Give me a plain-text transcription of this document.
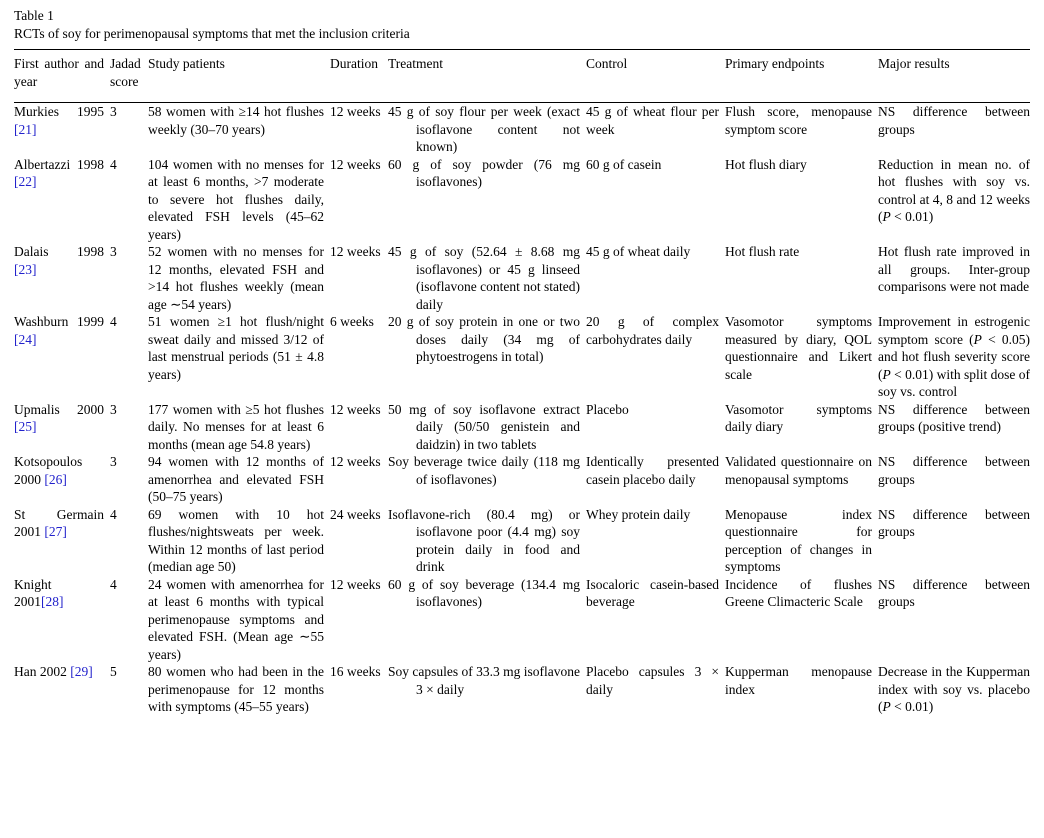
Table 1

RCTs of soy for perimenopausal symptoms that met the inclusion criteria

First author and year	Jadad score	Study patients	Duration	Treatment	Control	Primary endpoints	Major results
Murkies 1995 [21]	3	58 women with ≥14 hot flushes weekly (30–70 years)	12 weeks	45 g of soy flour per week (exact isoflavone content not known)	45 g of wheat flour per week	Flush score, menopause symptom score	NS difference between groups
Albertazzi 1998 [22]	4	104 women with no menses for at least 6 months, >7 moderate to severe hot flushes daily, elevated FSH levels (45–62 years)	12 weeks	60 g of soy powder (76 mg isoflavones)	60 g of casein	Hot flush diary	Reduction in mean no. of hot flushes with soy vs. control at 4, 8 and 12 weeks (P < 0.01)
Dalais 1998 [23]	3	52 women with no menses for 12 months, elevated FSH and >14 hot flushes weekly (mean age ∼54 years)	12 weeks	45 g of soy (52.64 ± 8.68 mg isoflavones) or 45 g linseed (isoflavone content not stated) daily	45 g of wheat daily	Hot flush rate	Hot flush rate improved in all groups. Inter-group comparisons were not made
Washburn 1999 [24]	4	51 women ≥1 hot flush/night sweat daily and missed 3/12 of last menstrual periods (51 ± 4.8 years)	6 weeks	20 g of soy protein in one or two doses daily (34 mg of phytoestrogens in total)	20 g of complex carbohydrates daily	Vasomotor symptoms measured by diary, QOL questionnaire and Likert scale	Improvement in estrogenic symptom score (P < 0.05) and hot flush severity score (P < 0.01) with split dose of soy vs. control
Upmalis 2000 [25]	3	177 women with ≥5 hot flushes daily. No menses for at least 6 months (mean age 54.8 years)	12 weeks	50 mg of soy isoflavone extract daily (50/50 genistein and daidzin) in two tablets	Placebo	Vasomotor symptoms daily diary	NS difference between groups (positive trend)
Kotsopoulos 2000 [26]	3	94 women with 12 months of amenorrhea and elevated FSH (50–75 years)	12 weeks	Soy beverage twice daily (118 mg of isoflavones)	Identically presented casein placebo daily	Validated questionnaire on menopausal symptoms	NS difference between groups
St Germain 2001 [27]	4	69 women with 10 hot flushes/nightsweats per week. Within 12 months of last period (median age 50)	24 weeks	Isoflavone-rich (80.4 mg) or isoflavone poor (4.4 mg) soy protein daily in food and drink	Whey protein daily	Menopause index questionnaire for perception of changes in symptoms	NS difference between groups
Knight 2001[28]	4	24 women with amenorrhea for at least 6 months with typical perimenopause symptoms and elevated FSH. (Mean age ∼55 years)	12 weeks	60 g of soy beverage (134.4 mg isoflavones)	Isocaloric casein-based beverage	Incidence of flushes Greene Climacteric Scale	NS difference between groups
Han 2002 [29]	5	80 women who had been in the perimenopause for 12 months with symptoms (45–55 years)	16 weeks	Soy capsules of 33.3 mg isoflavone 3 × daily	Placebo capsules 3 × daily	Kupperman menopause index	Decrease in the Kupperman index with soy vs. placebo (P < 0.01)
